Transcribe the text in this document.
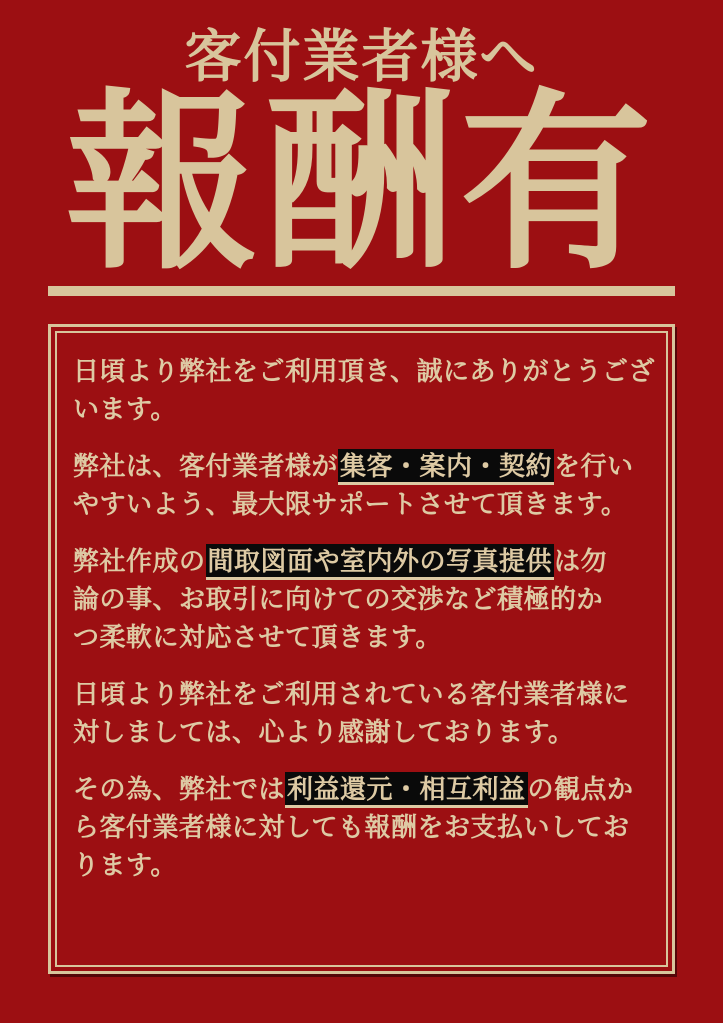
客付業者様へ
報酬有
日頃より弊社をご利用頂き、誠にありがとうござ
います。
弊社は、客付業者様が集客・案内・契約を行い
やすいよう、最大限サポートさせて頂きます。
弊社作成の間取図面や室内外の写真提供は勿
論の事、お取引に向けての交渉など積極的か
つ柔軟に対応させて頂きます。
日頃より弊社をご利用されている客付業者様に
対しましては、心より感謝しております。
その為、弊社では利益還元・相互利益の観点か
ら客付業者様に対しても報酬をお支払いしてお
ります。
